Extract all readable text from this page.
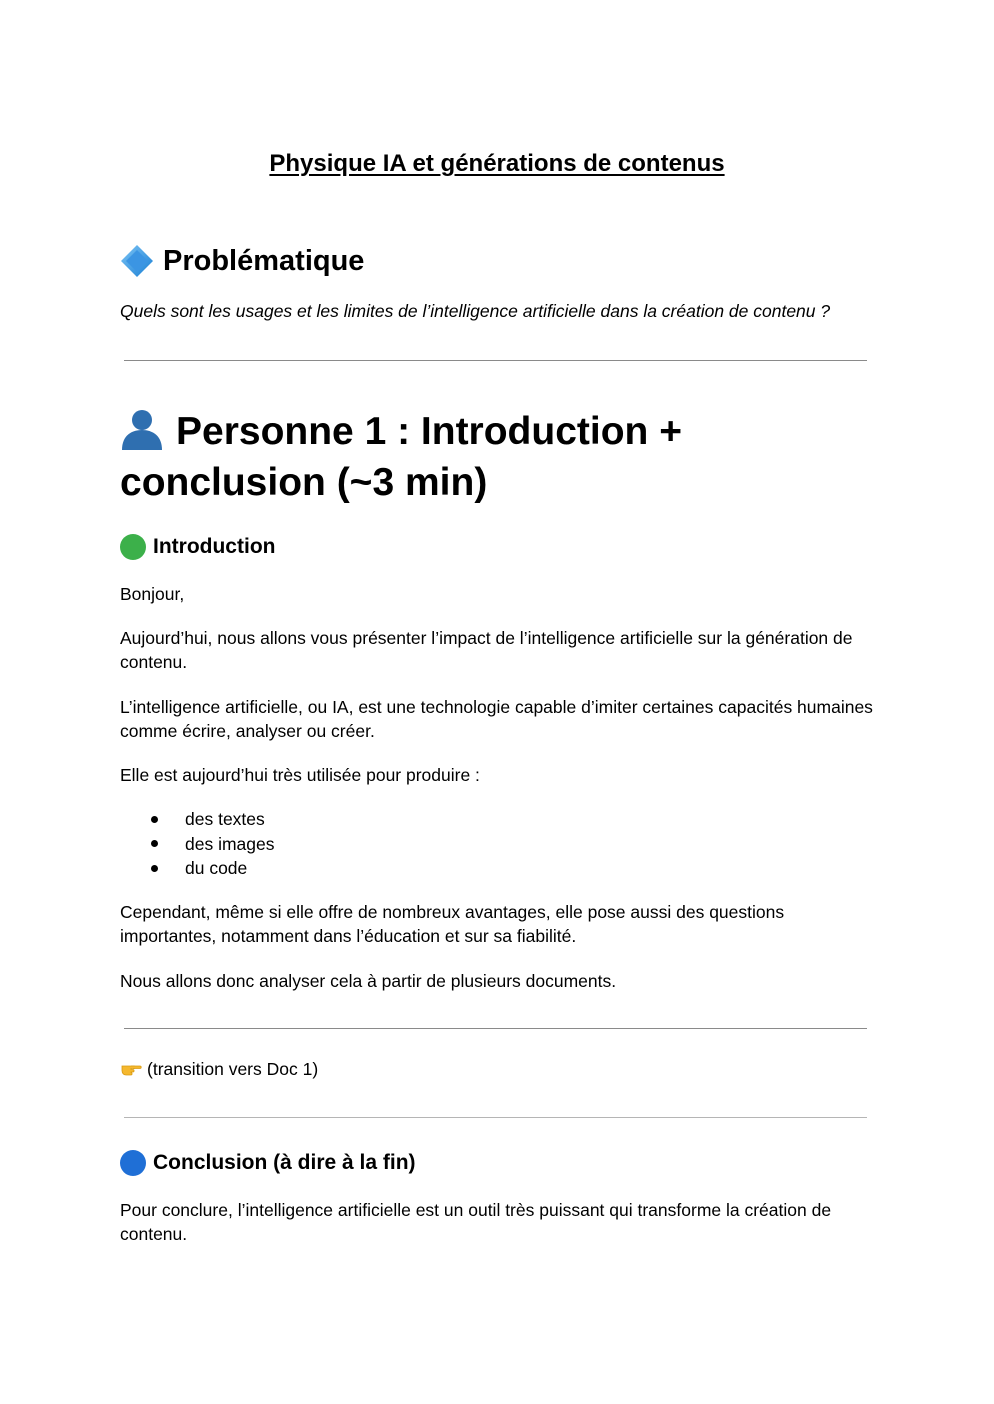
Physique IA et générations de contenus
Problématique

Quels sont les usages et les limites de l’intelligence artificielle dans la création de contenu ?

Personne 1 : Introduction + conclusion (~3 min)
Introduction

Bonjour,

Aujourd’hui, nous allons vous présenter l’impact de l’intelligence artificielle sur la génération de contenu.

L’intelligence artificielle, ou IA, est une technologie capable d’imiter certaines capacités humaines comme écrire, analyser ou créer.

Elle est aujourd’hui très utilisée pour produire :

des textes
des images
du code

Cependant, même si elle offre de nombreux avantages, elle pose aussi des questions importantes, notamment dans l’éducation et sur sa fiabilité.

Nous allons donc analyser cela à partir de plusieurs documents.

(transition vers Doc 1)

Conclusion (à dire à la fin)

Pour conclure, l’intelligence artificielle est un outil très puissant qui transforme la création de contenu.
